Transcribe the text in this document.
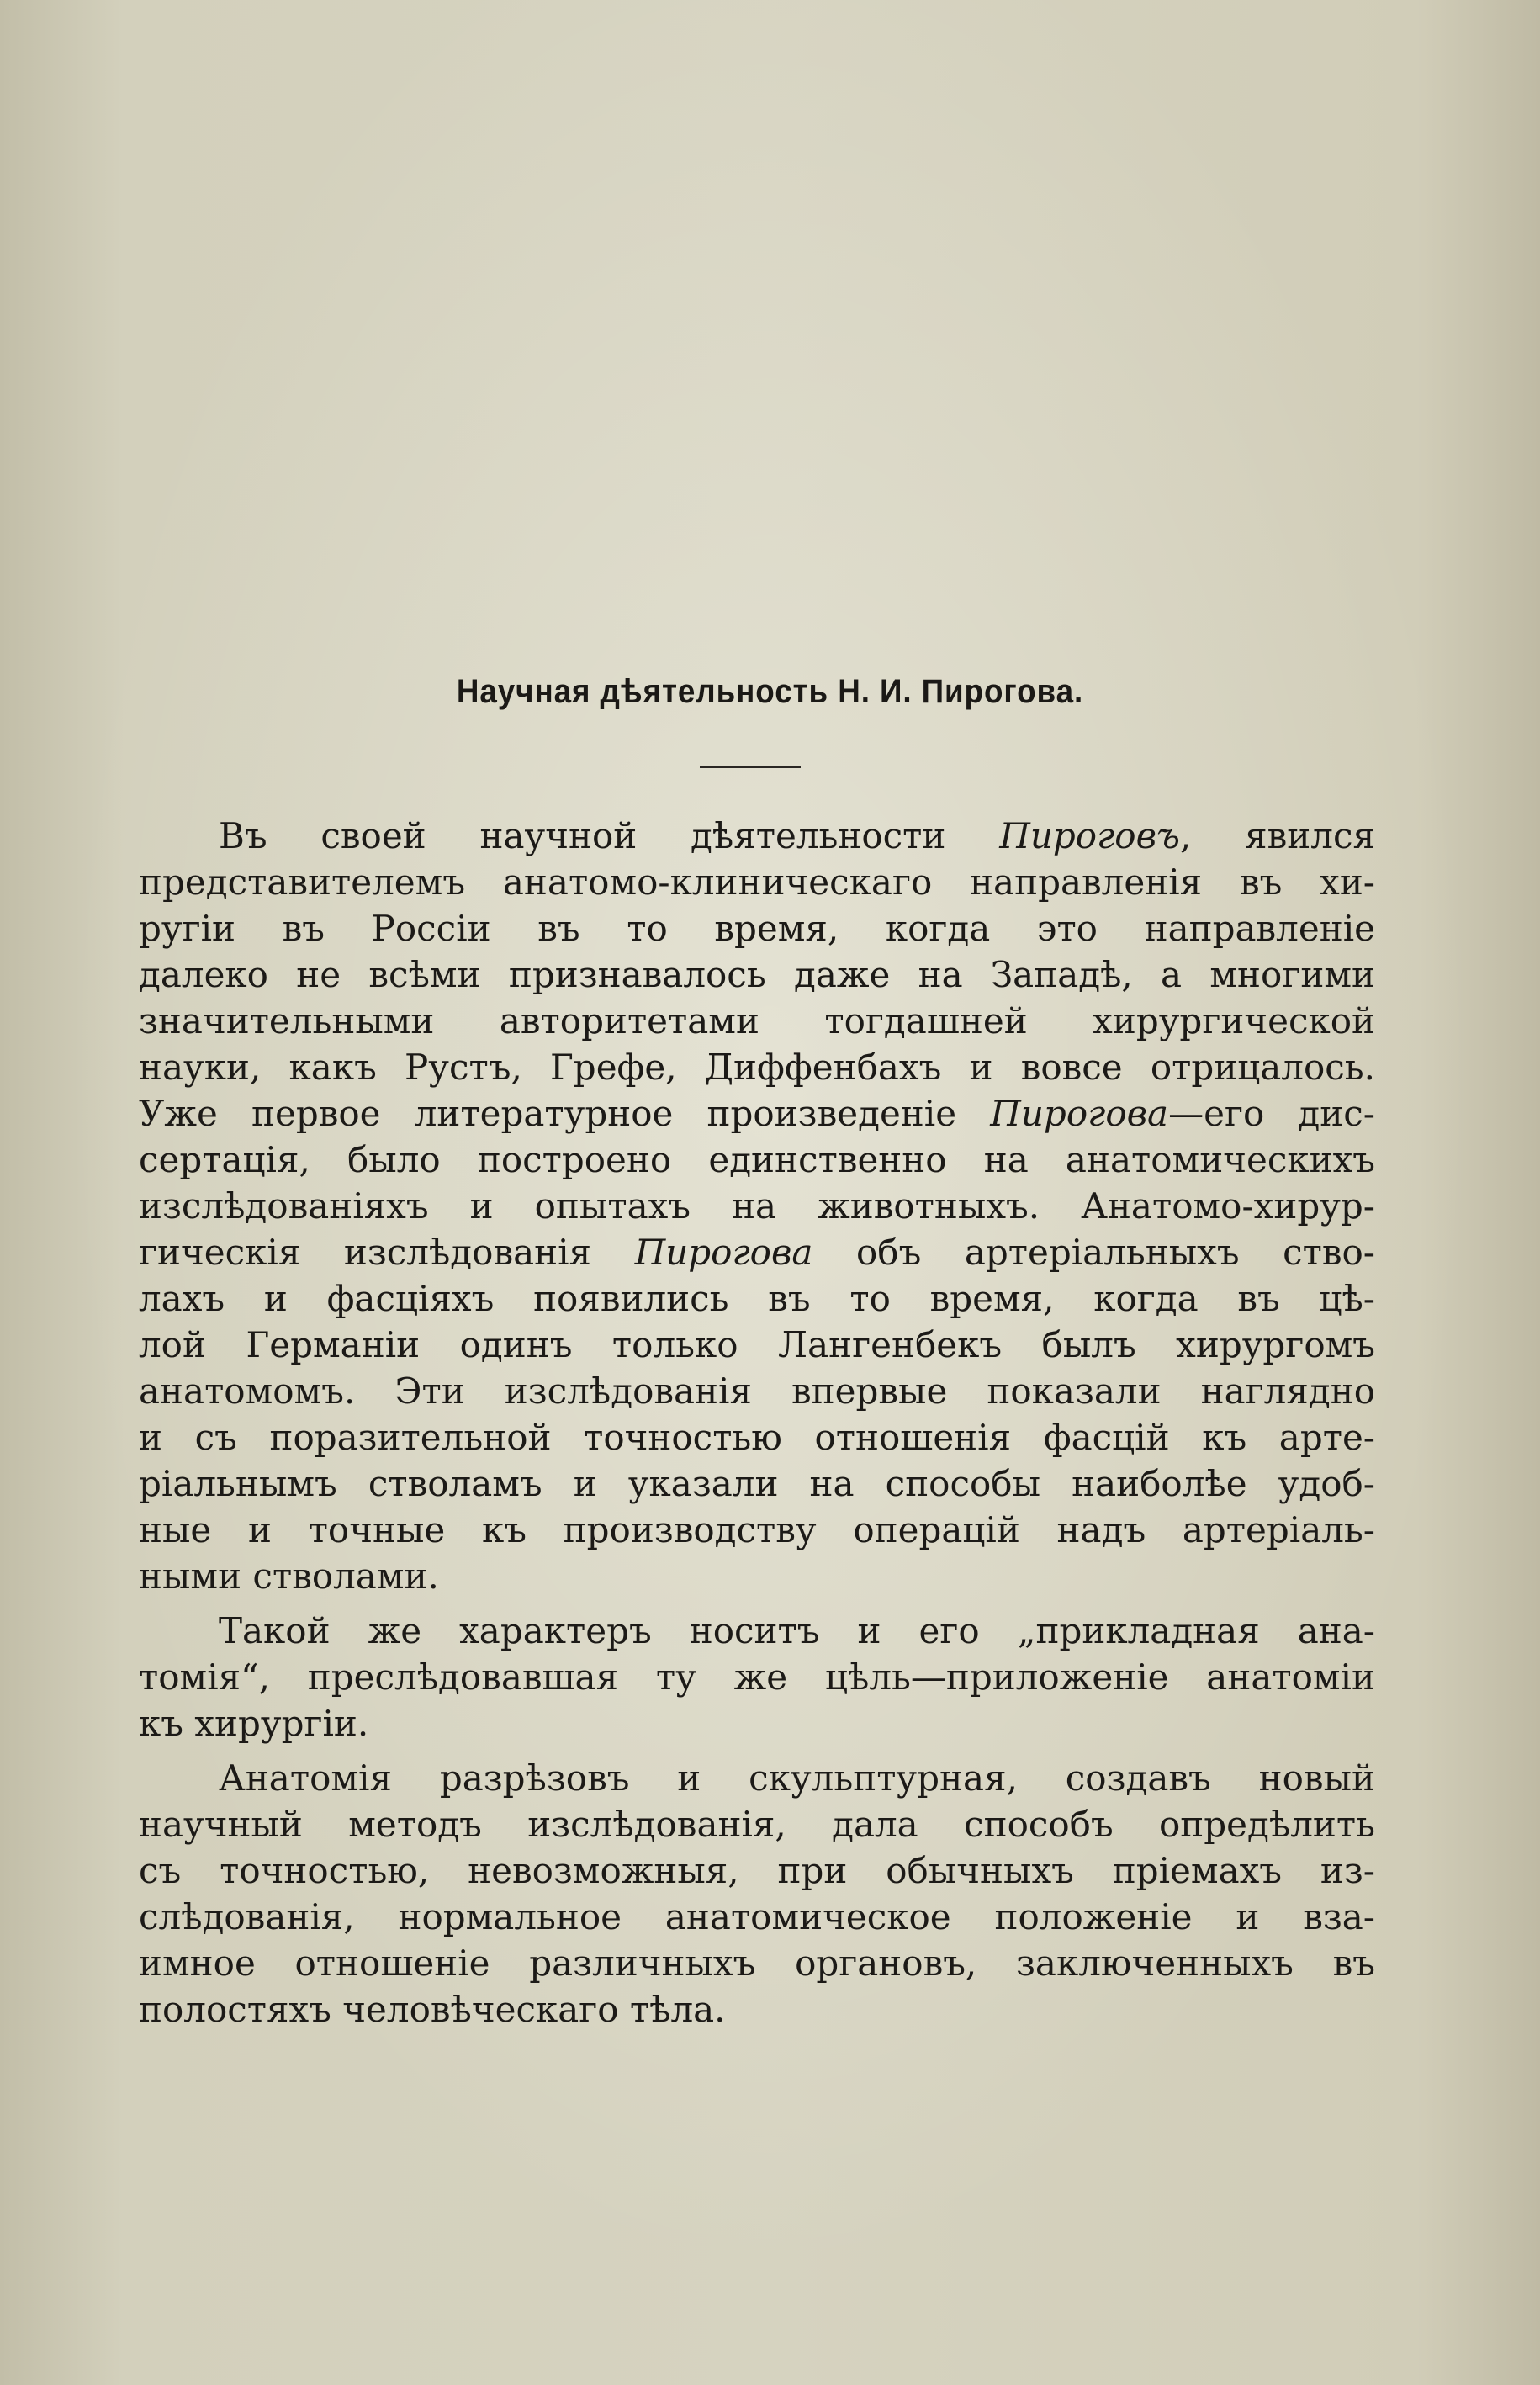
Научная дѣятельность Н. И. Пирогова.
Въ своей научной дѣятельности Пироговъ, явился
представителемъ анатомо-клиническаго направленія въ хи-
ругіи въ Россіи въ то время, когда это направленіе
далеко не всѣми признавалось даже на Западѣ, а многими
значительными авторитетами тогдашней хирургической
науки, какъ Рустъ, Грефе, Диффенбахъ и вовсе отрицалось.
Уже первое литературное произведеніе Пирогова—его дис-
сертація, было построено единственно на анатомическихъ
изслѣдованіяхъ и опытахъ на животныхъ. Анатомо-хирур-
гическія изслѣдованія Пирогова объ артеріальныхъ ство-
лахъ и фасціяхъ появились въ то время, когда въ цѣ-
лой Германіи одинъ только Лангенбекъ былъ хирургомъ
анатомомъ. Эти изслѣдованія впервые показали наглядно
и съ поразительной точностью отношенія фасцій къ арте-
ріальнымъ стволамъ и указали на способы наиболѣе удоб-
ные и точные къ производству операцій надъ артеріаль-
ными стволами.
Такой же характеръ носитъ и его „прикладная ана-
томія“, преслѣдовавшая ту же цѣль—приложеніе анатоміи
къ хирургіи.
Анатомія разрѣзовъ и скульптурная, создавъ новый
научный методъ изслѣдованія, дала способъ опредѣлить
съ точностью, невозможныя, при обычныхъ пріемахъ из-
слѣдованія, нормальное анатомическое положеніе и вза-
имное отношеніе различныхъ органовъ, заключенныхъ въ
полостяхъ человѣческаго тѣла.
